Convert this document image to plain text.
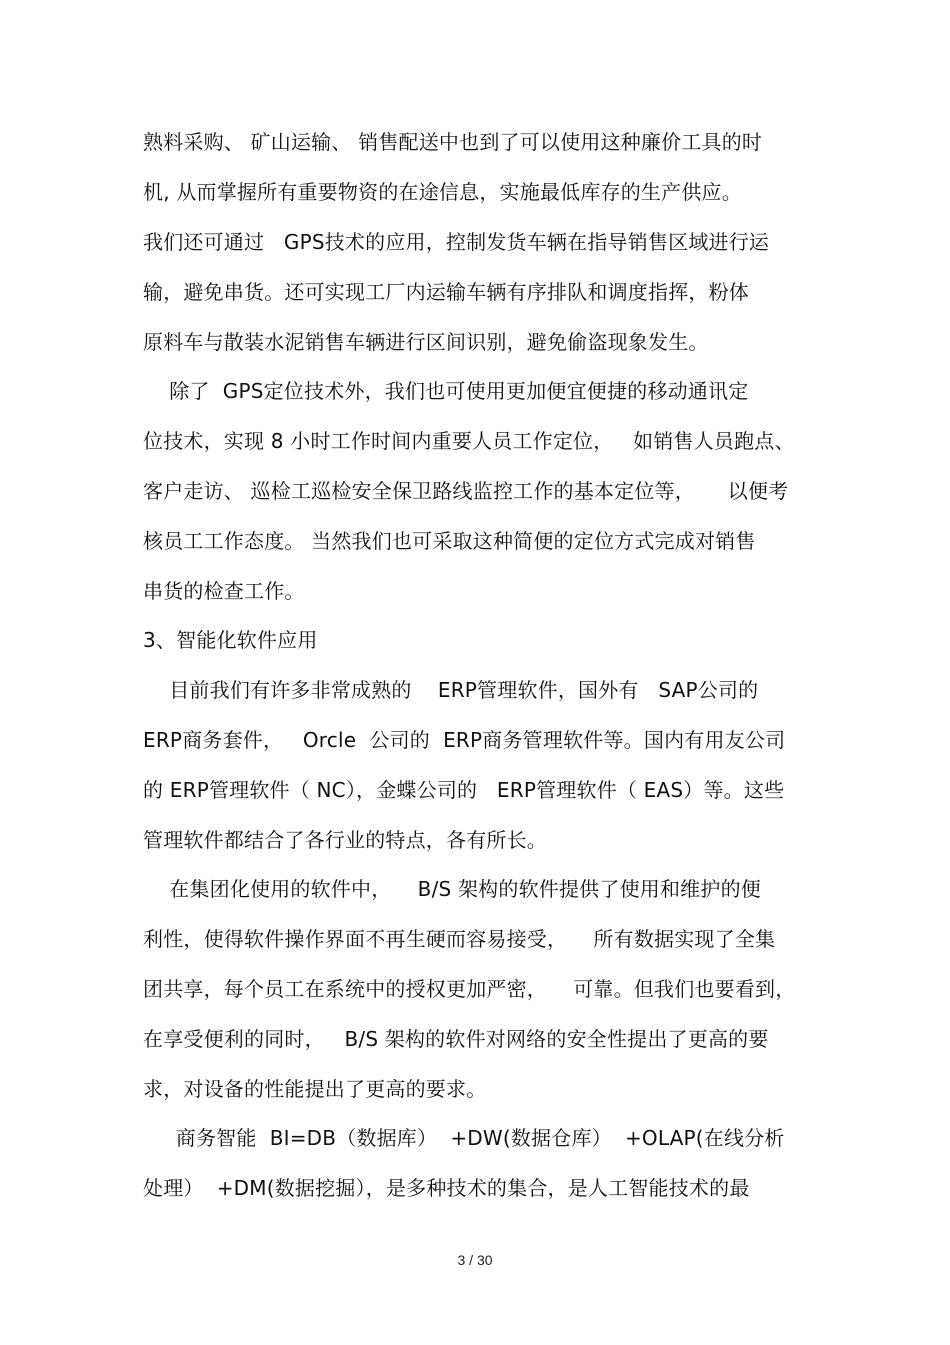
熟料采购、 矿山运输、 销售配送中也到了可以使用这种廉价工具的时
机, 从而掌握所有重要物资的在途信息，实施最低库存的生产供应。
我们还可通过   GPS技术的应用，控制发货车辆在指导销售区域进行运
输，避免串货。还可实现工厂内运输车辆有序排队和调度指挥，粉体
原料车与散装水泥销售车辆进行区间识别，避免偷盗现象发生。
除了  GPS定位技术外，我们也可使用更加便宜便捷的移动通讯定
位技术，实现 8 小时工作时间内重要人员工作定位，   如销售人员跑点、
客户走访、 巡检工巡检安全保卫路线监控工作的基本定位等，     以便考
核员工工作态度。 当然我们也可采取这种简便的定位方式完成对销售
串货的检查工作。
3、智能化软件应用
目前我们有许多非常成熟的    ERP管理软件，国外有   SAP公司的
ERP商务套件，   Orcle  公司的  ERP商务管理软件等。国内有用友公司
的 ERP管理软件（ NC），金蝶公司的   ERP管理软件（ EAS）等。这些
管理软件都结合了各行业的特点，各有所长。
在集团化使用的软件中，    B/S 架构的软件提供了使用和维护的便
利性，使得软件操作界面不再生硬而容易接受，    所有数据实现了全集
团共享，每个员工在系统中的授权更加严密，    可靠。但我们也要看到，
在享受便利的同时，   B/S 架构的软件对网络的安全性提出了更高的要
求，对设备的性能提出了更高的要求。
商务智能  BI=DB（数据库）  +DW(数据仓库）  +OLAP(在线分析
处理）  +DM(数据挖掘），是多种技术的集合，是人工智能技术的最
3 / 30
